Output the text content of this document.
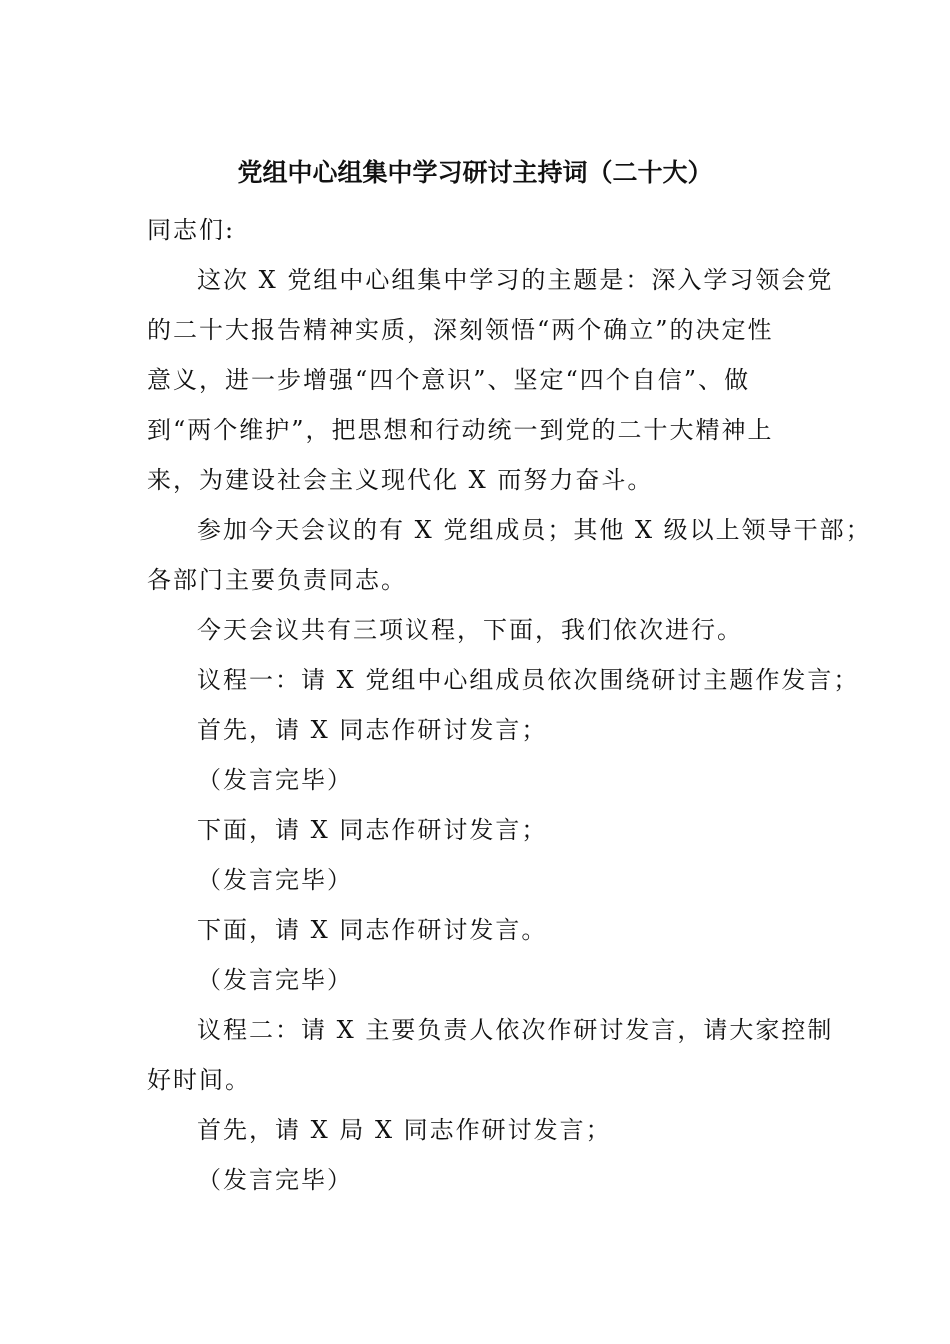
党组中心组集中学习研讨主持词（二十大）

同志们:

这次 X 党组中心组集中学习的主题是：深入学习领会党
的二十大报告精神实质，深刻领悟“两个确立”的决定性
意义，进一步增强“四个意识”、坚定“四个自信”、做
到“两个维护”，把思想和行动统一到党的二十大精神上
来，为建设社会主义现代化 X 而努力奋斗。

参加今天会议的有 X 党组成员；其他 X 级以上领导干部；
各部门主要负责同志。

今天会议共有三项议程，下面，我们依次进行。

议程一：请 X 党组中心组成员依次围绕研讨主题作发言；

首先，请 X 同志作研讨发言；

（发言完毕）

下面，请 X 同志作研讨发言；

（发言完毕）

下面，请 X 同志作研讨发言。

（发言完毕）

议程二：请 X 主要负责人依次作研讨发言，请大家控制
好时间。

首先，请 X 局 X 同志作研讨发言；

（发言完毕）
